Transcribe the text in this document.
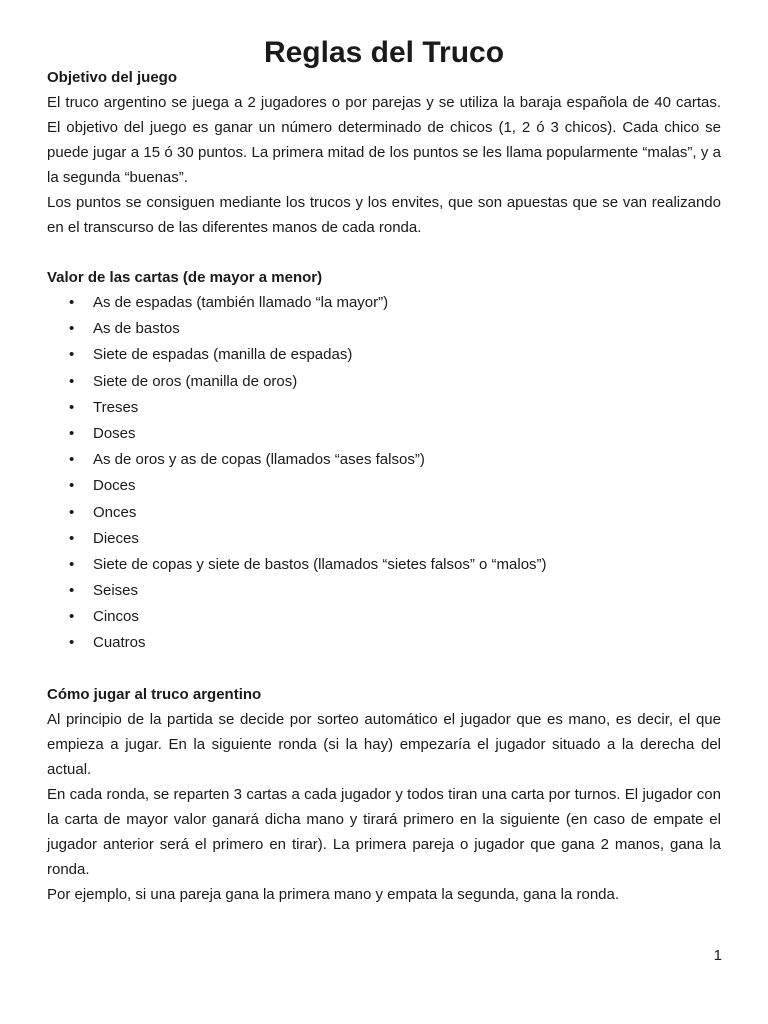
Reglas del Truco
Objetivo del juego

El truco argentino se juega a 2 jugadores o por parejas y se utiliza la baraja española de 40 cartas. El objetivo del juego es ganar un número determinado de chicos (1, 2 ó 3 chicos). Cada chico se puede jugar a 15 ó 30 puntos. La primera mitad de los puntos se les llama popularmente “malas”, y a la segunda “buenas”.

Los puntos se consiguen mediante los trucos y los envites, que son apuestas que se van realizando en el transcurso de las diferentes manos de cada ronda.

Valor de las cartas (de mayor a menor)
• As de espadas (también llamado “la mayor”)
• As de bastos
• Siete de espadas (manilla de espadas)
• Siete de oros (manilla de oros)
• Treses
• Doses
• As de oros y as de copas (llamados “ases falsos”)
• Doces
• Onces
• Dieces
• Siete de copas y siete de bastos (llamados “sietes falsos” o “malos”)
• Seises
• Cincos
• Cuatros
Cómo jugar al truco argentino

Al principio de la partida se decide por sorteo automático el jugador que es mano, es decir, el que empieza a jugar. En la siguiente ronda (si la hay) empezaría el jugador situado a la derecha del actual.

En cada ronda, se reparten 3 cartas a cada jugador y todos tiran una carta por turnos. El jugador con la carta de mayor valor ganará dicha mano y tirará primero en la siguiente (en caso de empate el jugador anterior será el primero en tirar). La primera pareja o jugador que gana 2 manos, gana la ronda.

Por ejemplo, si una pareja gana la primera mano y empata la segunda, gana la ronda.

1
